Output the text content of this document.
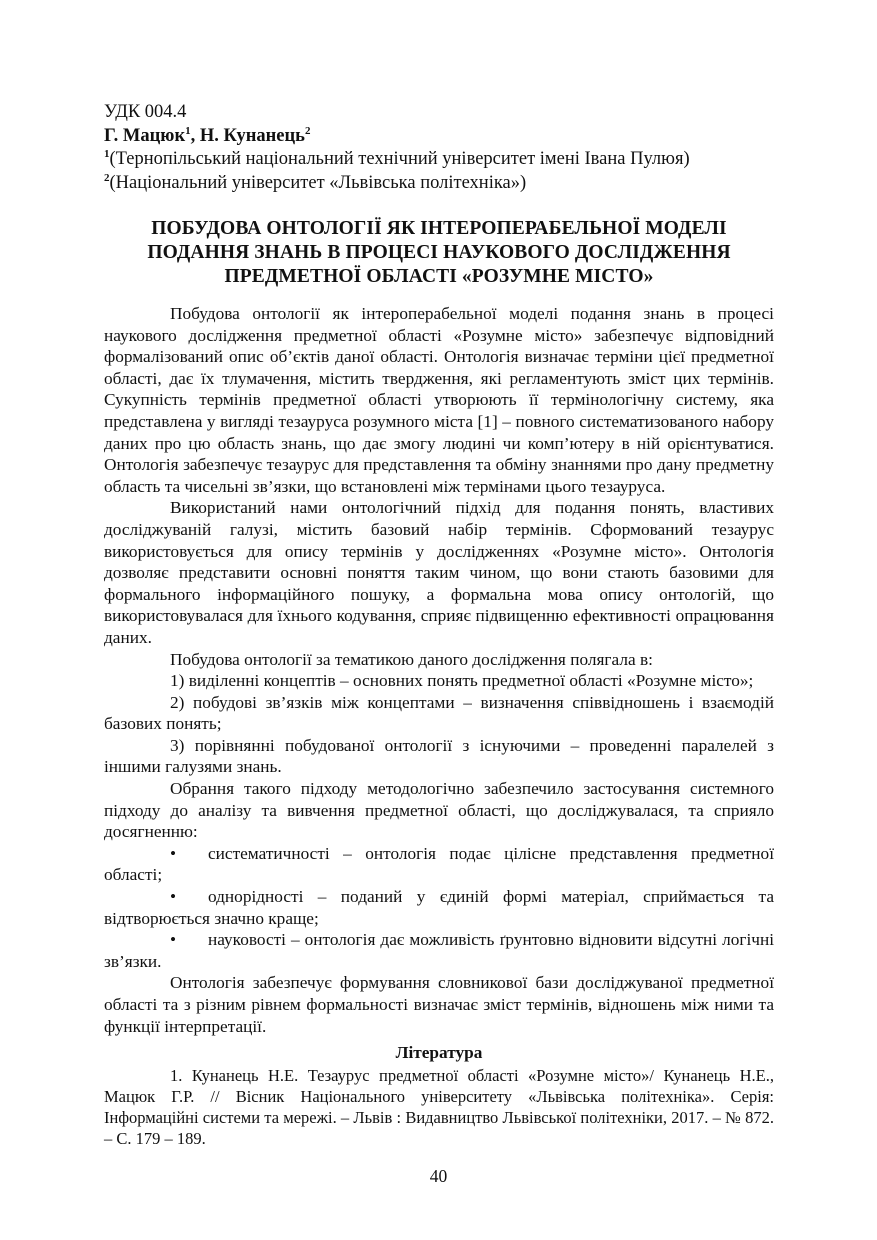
УДК 004.4

Г. Мацюк$^1$, Н. Кунанець$^2$

$^1$(Тернопільський національний технічний університет імені Івана Пулюя)

$^2$(Національний університет «Львівська політехніка»)

ПОБУДОВА ОНТОЛОГІЇ ЯК ІНТЕРОПЕРАБЕЛЬНОЇ МОДЕЛІ ПОДАННЯ ЗНАНЬ В ПРОЦЕСІ НАУКОВОГО ДОСЛІДЖЕННЯ ПРЕДМЕТНОЇ ОБЛАСТІ «РОЗУМНЕ МІСТО»

Побудова онтології як інтероперабельної моделі подання знань в процесі наукового дослідження предметної області «Розумне місто» забезпечує відповідний формалізований опис об’єктів даної області. Онтологія визначає терміни цієї предметної області, дає їх тлумачення, містить твердження, які регламентують зміст цих термінів. Сукупність термінів предметної області утворюють її термінологічну систему, яка представлена у вигляді тезауруса розумного міста [1] – повного систематизованого набору даних про цю область знань, що дає змогу людині чи комп’ютеру в ній орієнтуватися. Онтологія забезпечує тезаурус для представлення та обміну знаннями про дану предметну область та чисельні зв’язки, що встановлені між термінами цього тезауруса.

Використаний нами онтологічний підхід для подання понять, властивих досліджуваній галузі, містить базовий набір термінів. Сформований тезаурус використовується для опису термінів у дослідженнях «Розумне місто». Онтологія дозволяє представити основні поняття таким чином, що вони стають базовими для формального інформаційного пошуку, а формальна мова опису онтологій, що використовувалася для їхнього кодування, сприяє підвищенню ефективності опрацювання даних.

Побудова онтології за тематикою даного дослідження полягала в:

1) виділенні концептів – основних понять предметної області «Розумне місто»;

2) побудові зв’язків між концептами – визначення співвідношень і взаємодій базових понять;

3) порівнянні побудованої онтології з існуючими – проведенні паралелей з іншими галузями знань.

Обрання такого підходу методологічно забезпечило застосування системного підходу до аналізу та вивчення предметної області, що досліджувалася, та сприяло досягненню:

• систематичності – онтологія подає цілісне представлення предметної області;

• однорідності – поданий у єдиній формі матеріал, сприймається та відтворюється значно краще;

• науковості – онтологія дає можливість ґрунтовно відновити відсутні логічні зв’язки.

Онтологія забезпечує формування словникової бази досліджуваної предметної області та з різним рівнем формальності визначає зміст термінів, відношень між ними та функції інтерпретації.

Література

1. Кунанець Н.Е. Тезаурус предметної області «Розумне місто»/ Кунанець Н.Е., Мацюк Г.Р. // Вісник Національного університету «Львівська політехніка». Серія: Інформаційні системи та мережі. – Львів : Видавництво Львівської політехніки, 2017. – № 872. – С. 179 – 189.

40
